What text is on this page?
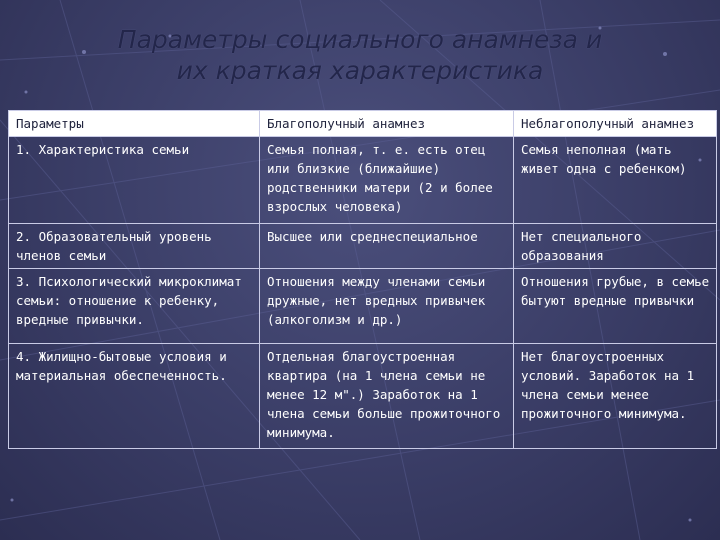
Параметры социального анамнеза и их краткая характеристика
Параметры	Благополучный анамнез	Неблагополучный анамнез
1. Характеристика семьи	Семья полная, т. е. есть отец или близкие (ближайшие) родственники матери (2 и более взрослых человека)	Семья неполная (мать живет одна с ребенком)
2. Образовательный уровень членов семьи	Высшее или среднеспециальное	Нет специального образования
3. Психологический микроклимат семьи: отношение к ребенку, вредные привычки.	Отношения между членами семьи дружные, нет вредных привычек (алкоголизм и др.)	Отношения грубые, в семье бытуют вредные привычки
4. Жилищно-бытовые условия и материальная обеспеченность.	Отдельная благоустроенная квартира (на 1 члена семьи не менее 12 м".) Заработок на 1 члена семьи больше прожиточного минимума.	Нет благоустроенных условий. Заработок на 1 члена семьи менее прожиточного минимума.
